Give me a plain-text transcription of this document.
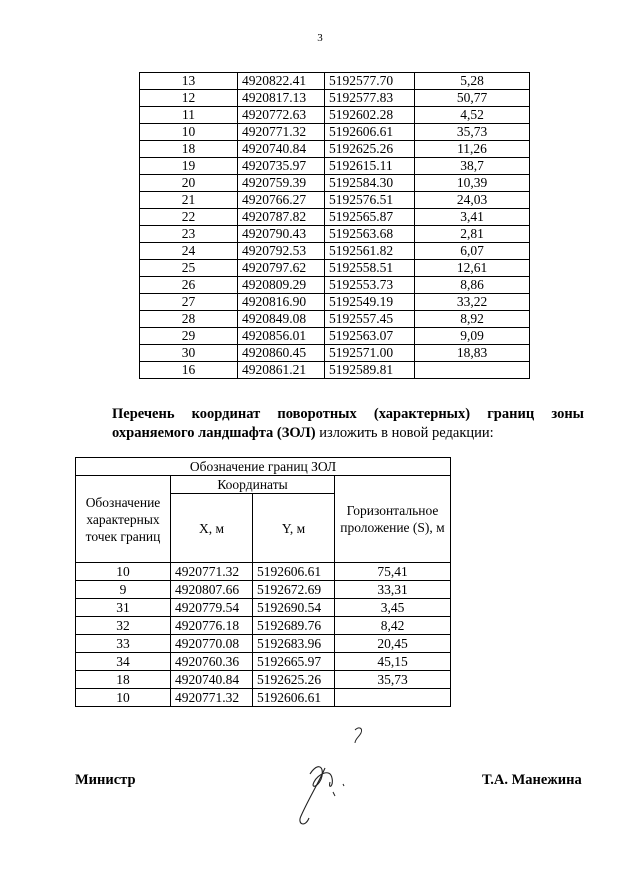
3
13	4920822.41	5192577.70	5,28
12	4920817.13	5192577.83	50,77
11	4920772.63	5192602.28	4,52
10	4920771.32	5192606.61	35,73
18	4920740.84	5192625.26	11,26
19	4920735.97	5192615.11	38,7
20	4920759.39	5192584.30	10,39
21	4920766.27	5192576.51	24,03
22	4920787.82	5192565.87	3,41
23	4920790.43	5192563.68	2,81
24	4920792.53	5192561.82	6,07
25	4920797.62	5192558.51	12,61
26	4920809.29	5192553.73	8,86
27	4920816.90	5192549.19	33,22
28	4920849.08	5192557.45	8,92
29	4920856.01	5192563.07	9,09
30	4920860.45	5192571.00	18,83
16	4920861.21	5192589.81	
Перечень координат поворотных (характерных) границ зоны
охраняемого ландшафта (ЗОЛ) изложить в новой редакции:
Обозначение границ ЗОЛ			
Обозначение характерных точек границ	Координаты		Горизонтальное проложение (S), м
	X, м	Y, м	
10	4920771.32	5192606.61	75,41
9	4920807.66	5192672.69	33,31
31	4920779.54	5192690.54	3,45
32	4920776.18	5192689.76	8,42
33	4920770.08	5192683.96	20,45
34	4920760.36	5192665.97	45,15
18	4920740.84	5192625.26	35,73
10	4920771.32	5192606.61	
Министр	Т.А. Манежина
